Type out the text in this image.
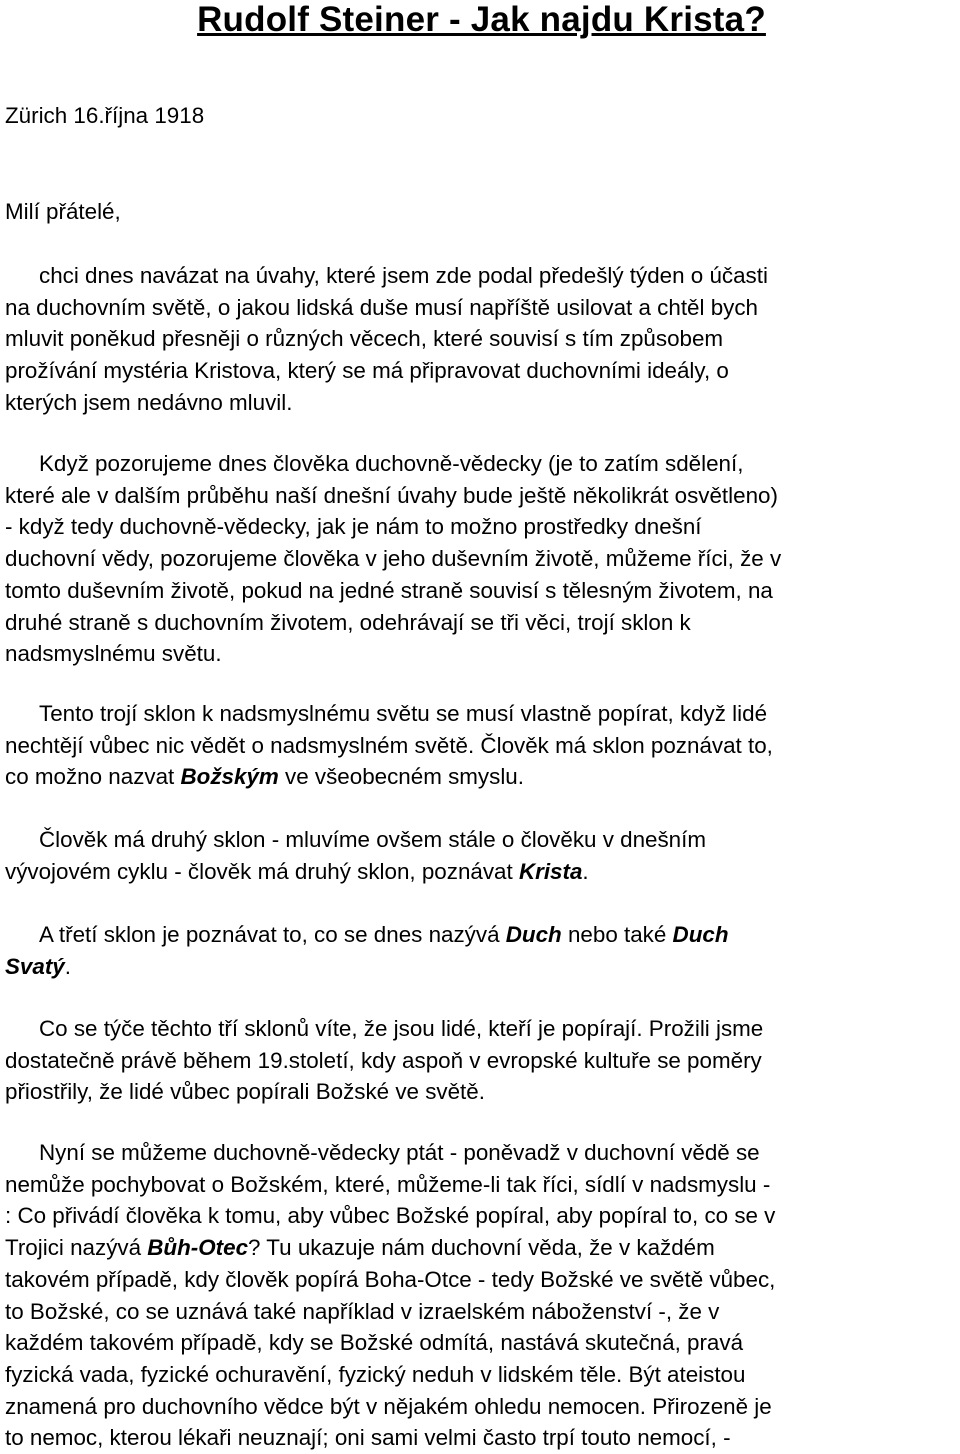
Rudolf Steiner - Jak najdu Krista?
Zürich 16.října 1918
Milí přátelé,
chci dnes navázat na úvahy, které jsem zde podal předešlý týden o účasti
na duchovním světě, o jakou lidská duše musí napříště usilovat a chtěl bych
mluvit poněkud přesněji o různých věcech, které souvisí s tím způsobem
prožívání mystéria Kristova, který se má připravovat duchovními ideály, o
kterých jsem nedávno mluvil.
Když pozorujeme dnes člověka duchovně-vědecky (je to zatím sdělení,
které ale v dalším průběhu naší dnešní úvahy bude ještě několikrát osvětleno)
- když tedy duchovně-vědecky, jak je nám to možno prostředky dnešní
duchovní vědy, pozorujeme člověka v jeho duševním životě, můžeme říci, že v
tomto duševním životě, pokud na jedné straně souvisí s tělesným životem, na
druhé straně s duchovním životem, odehrávají se tři věci, trojí sklon k
nadsmyslnému světu.
Tento trojí sklon k nadsmyslnému světu se musí vlastně popírat, když lidé
nechtějí vůbec nic vědět o nadsmyslném světě. Člověk má sklon poznávat to,
co možno nazvat Božským ve všeobecném smyslu.
Člověk má druhý sklon - mluvíme ovšem stále o člověku v dnešním
vývojovém cyklu - člověk má druhý sklon, poznávat Krista.
A třetí sklon je poznávat to, co se dnes nazývá Duch nebo také Duch
Svatý.
Co se týče těchto tří sklonů víte, že jsou lidé, kteří je popírají. Prožili jsme
dostatečně právě během 19.století, kdy aspoň v evropské kultuře se poměry
přiostřily, že lidé vůbec popírali Božské ve světě.
Nyní se můžeme duchovně-vědecky ptát - poněvadž v duchovní vědě se
nemůže pochybovat o Božském, které, můžeme-li tak říci, sídlí v nadsmyslu -
: Co přivádí člověka k tomu, aby vůbec Božské popíral, aby popíral to, co se v
Trojici nazývá Bůh-Otec? Tu ukazuje nám duchovní věda, že v každém
takovém případě, kdy člověk popírá Boha-Otce - tedy Božské ve světě vůbec,
to Božské, co se uznává také například v izraelském náboženství -, že v
každém takovém případě, kdy se Božské odmítá, nastává skutečná, pravá
fyzická vada, fyzické ochuravění, fyzický neduh v lidském těle. Být ateistou
znamená pro duchovního vědce být v nějakém ohledu nemocen. Přirozeně je
to nemoc, kterou lékaři neuznají; oni sami velmi často trpí touto nemocí, -
